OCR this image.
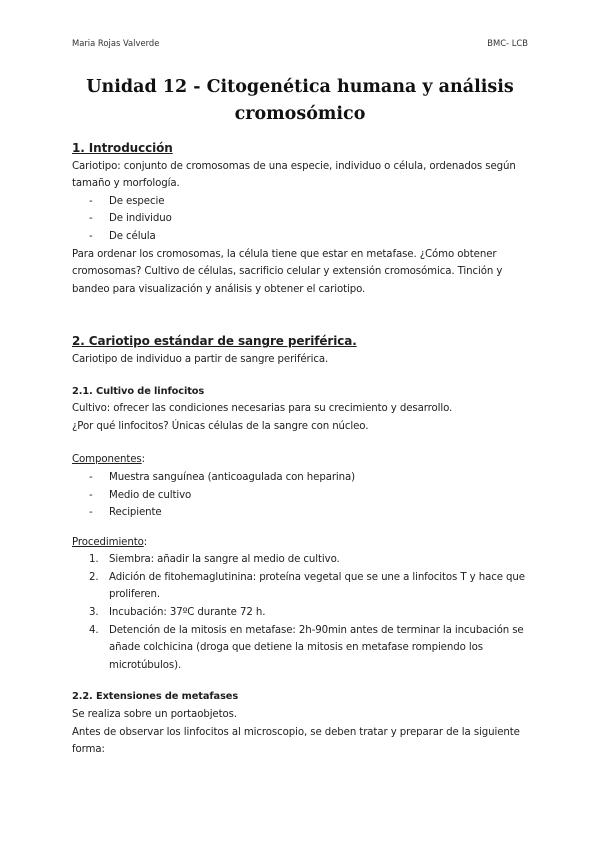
Maria Rojas Valverde	BMC- LCB
Unidad 12 - Citogenética humana y análisis
cromosómico

1. Introducción

Cariotipo: conjunto de cromosomas de una especie, individuo o célula, ordenados según tamaño y morfología.

- De especie
- De individuo
- De célula

Para ordenar los cromosomas, la célula tiene que estar en metafase. ¿Cómo obtener cromosomas? Cultivo de células, sacrificio celular y extensión cromosómica. Tinción y bandeo para visualización y análisis y obtener el cariotipo.

2. Cariotipo estándar de sangre periférica.

Cariotipo de individuo a partir de sangre periférica.

2.1. Cultivo de linfocitos

Cultivo: ofrecer las condiciones necesarias para su crecimiento y desarrollo.

¿Por qué linfocitos? Únicas células de la sangre con núcleo.

Componentes:

- Muestra sanguínea (anticoagulada con heparina)
- Medio de cultivo
- Recipiente

Procedimiento:

1. Siembra: añadir la sangre al medio de cultivo.
2. Adición de fitohemaglutinina: proteína vegetal que se une a linfocitos T y hace que proliferen.
3. Incubación: 37ºC durante 72 h.
4. Detención de la mitosis en metafase: 2h-90min antes de terminar la incubación se añade colchicina (droga que detiene la mitosis en metafase rompiendo los microtúbulos).

2.2. Extensiones de metafases

Se realiza sobre un portaobjetos.

Antes de observar los linfocitos al microscopio, se deben tratar y preparar de la siguiente forma:
